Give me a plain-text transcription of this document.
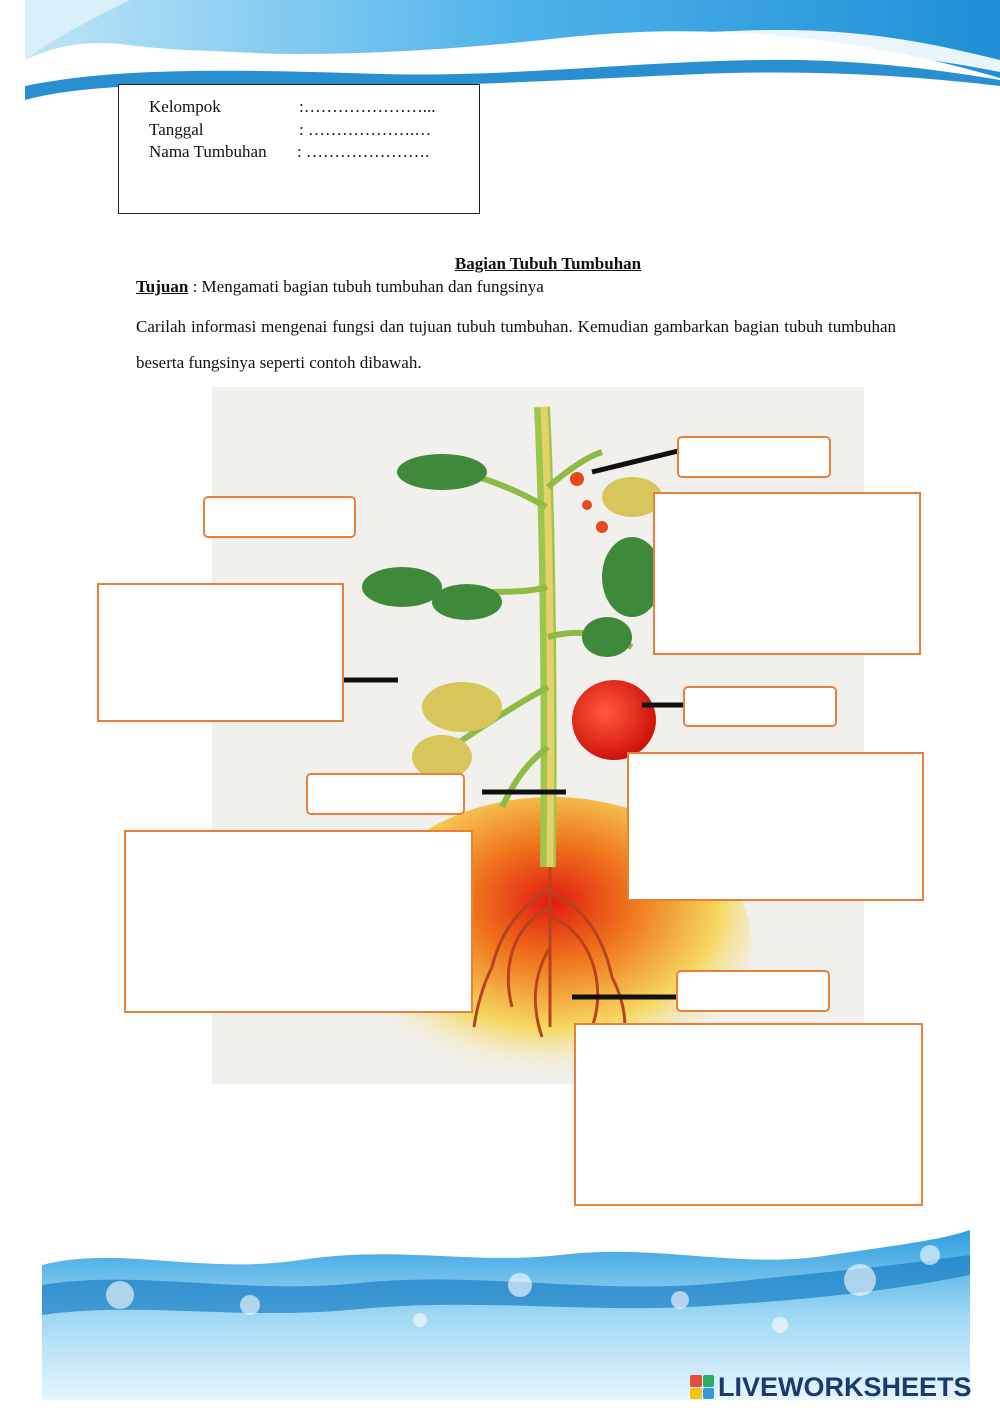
Kelompok	:…………………...
Tanggal	: ……………….…
Nama Tumbuhan : ………………….
Bagian Tubuh Tumbuhan
Tujuan : Mengamati bagian tubuh tumbuhan dan fungsinya
Carilah informasi mengenai fungsi dan tujuan tubuh tumbuhan. Kemudian gambarkan bagian tubuh tumbuhan beserta fungsinya seperti contoh dibawah.
LIVEWORKSHEETS
